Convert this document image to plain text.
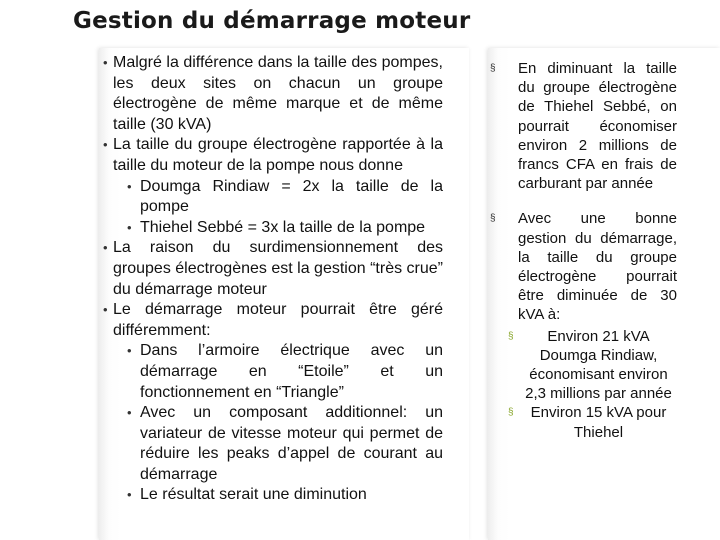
Gestion du démarrage moteur
• Malgré la différence dans la taille des pompes, les deux sites on chacun un groupe électrogène de même marque et de même taille (30 kVA)
• La taille du groupe électrogène rapportée à la taille du moteur de la pompe nous donne
• Doumga Rindiaw = 2x la taille de la pompe
• Thiehel Sebbé = 3x la taille de la pompe
• La raison du surdimensionnement des groupes électrogènes est la gestion “très crue” du démarrage moteur
• Le démarrage moteur pourrait être géré différemment:
• Dans l’armoire électrique avec un démarrage en “Etoile” et un fonctionnement en “Triangle”
• Avec un composant additionnel: un variateur de vitesse moteur qui permet de réduire les peaks d’appel de courant au démarrage
• Le résultat serait une diminution
§ En diminuant la taille du groupe électrogène de Thiehel Sebbé, on pourrait économiser environ 2 millions de francs CFA en frais de carburant par année
§ Avec une bonne gestion du démarrage, la taille du groupe électrogène pourrait être diminuée de 30 kVA à:
§	Environ 21 kVA Doumga Rindiaw, économisant environ 2,3 millions par année
§	Environ 15 kVA pour Thiehel
